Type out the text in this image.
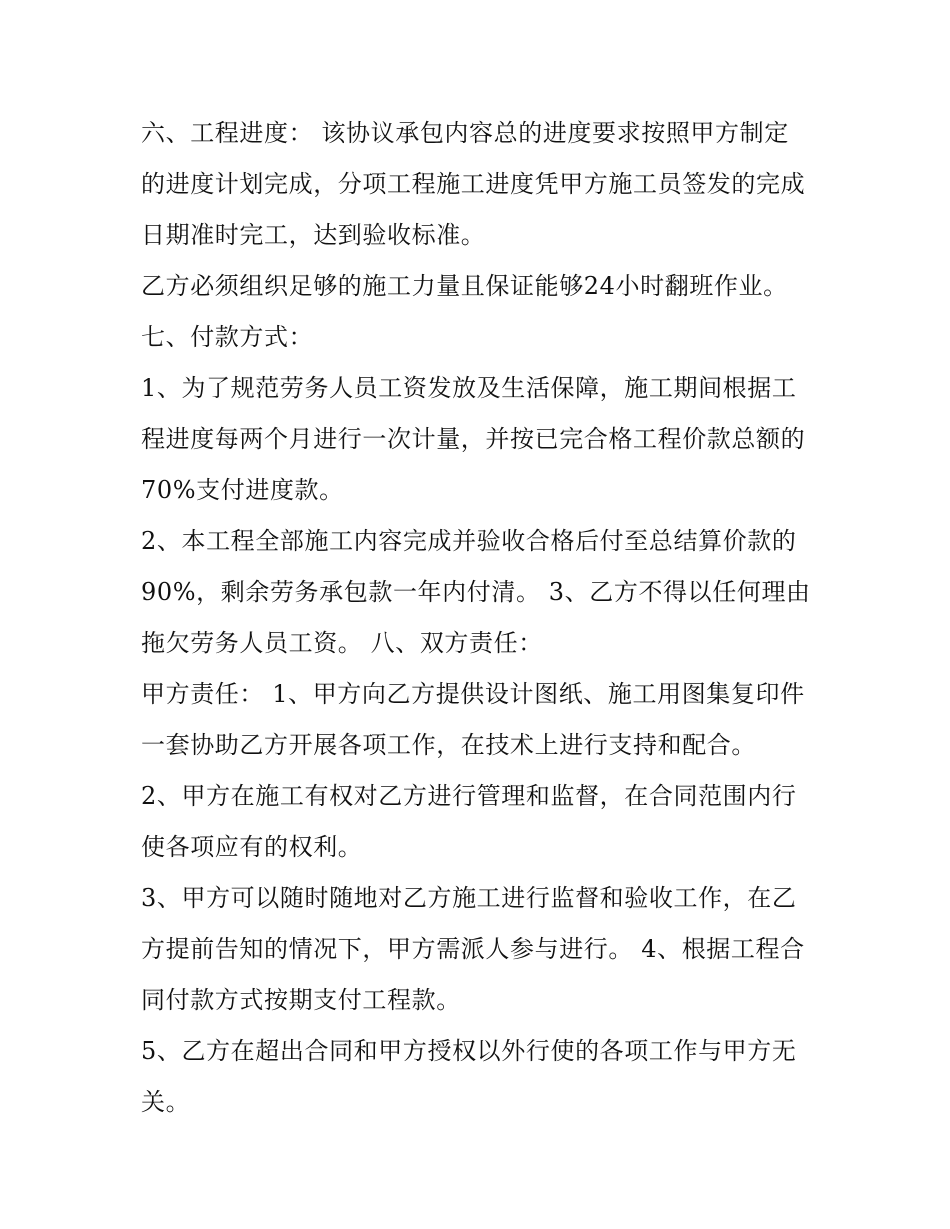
六、工程进度： 该协议承包内容总的进度要求按照甲方制定

的进度计划完成，分项工程施工进度凭甲方施工员签发的完成

日期准时完工，达到验收标准。

乙方必须组织足够的施工力量且保证能够24小时翻班作业。

七、付款方式：

1、为了规范劳务人员工资发放及生活保障，施工期间根据工

程进度每两个月进行一次计量，并按已完合格工程价款总额的

70%支付进度款。

2、本工程全部施工内容完成并验收合格后付至总结算价款的

90%，剩余劳务承包款一年内付清。 3、乙方不得以任何理由

拖欠劳务人员工资。 八、双方责任：

甲方责任： 1、甲方向乙方提供设计图纸、施工用图集复印件

一套协助乙方开展各项工作，在技术上进行支持和配合。

2、甲方在施工有权对乙方进行管理和监督，在合同范围内行

使各项应有的权利。

3、甲方可以随时随地对乙方施工进行监督和验收工作，在乙

方提前告知的情况下，甲方需派人参与进行。 4、根据工程合

同付款方式按期支付工程款。

5、乙方在超出合同和甲方授权以外行使的各项工作与甲方无

关。
